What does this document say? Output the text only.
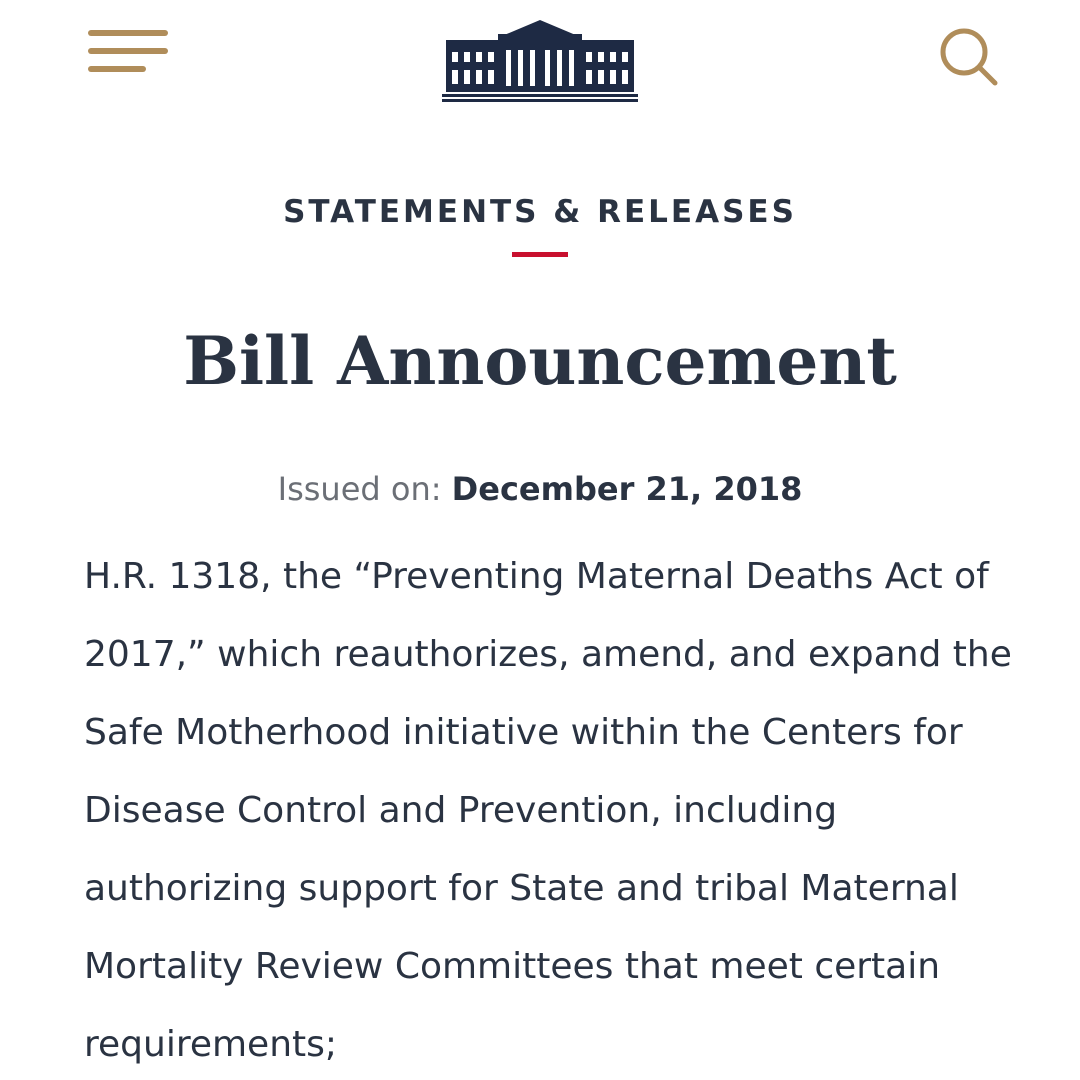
STATEMENTS & RELEASES
Bill Announcement
Issued on: December 21, 2018

H.R. 1318, the “Preventing Maternal Deaths Act of 2017,” which reauthorizes, amend, and expand the Safe Motherhood initiative within the Centers for Disease Control and Prevention, including authorizing support for State and tribal Maternal Mortality Review Committees that meet certain requirements;
